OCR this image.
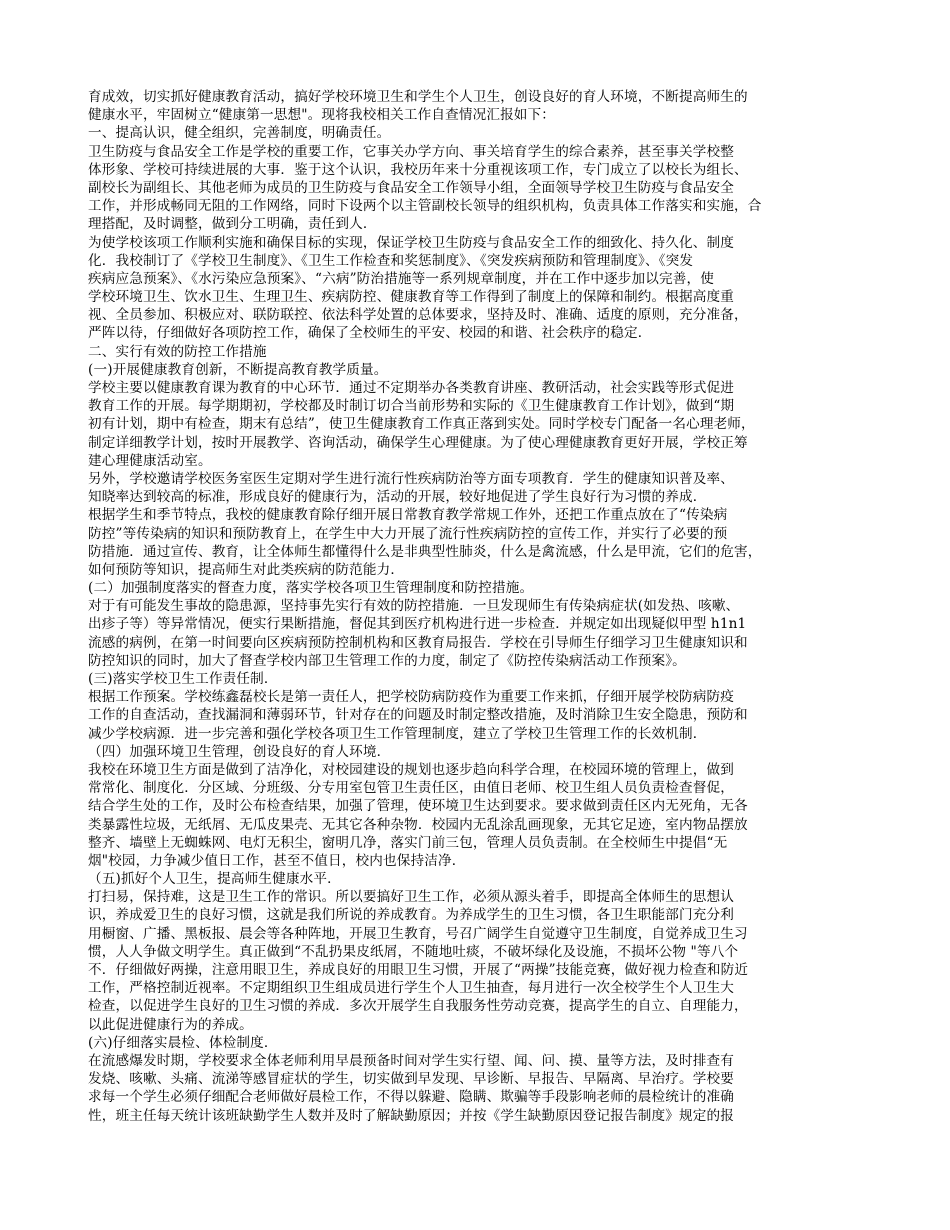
育成效，切实抓好健康教育活动，搞好学校环境卫生和学生个人卫生，创设良好的育人环境，不断提高师生的
健康水平，牢固树立“健康第一思想"。现将我校相关工作自查情况汇报如下：
一、提高认识，健全组织，完善制度，明确责任。
卫生防疫与食品安全工作是学校的重要工作，它事关办学方向、事关培育学生的综合素养，甚至事关学校整
体形象、学校可持续进展的大事．鉴于这个认识，我校历年来十分重视该项工作，专门成立了以校长为组长、
副校长为副组长、其他老师为成员的卫生防疫与食品安全工作领导小组，全面领导学校卫生防疫与食品安全
工作，并形成畅同无阻的工作网络，同时下设两个以主管副校长领导的组织机构，负责具体工作落实和实施，合
理搭配，及时调整，做到分工明确，责任到人．
为使学校该项工作顺利实施和确保目标的实现，保证学校卫生防疫与食品安全工作的细致化、持久化、制度
化．我校制订了《学校卫生制度》、《卫生工作检查和奖惩制度》、《突发疾病预防和管理制度》、《突发
疾病应急预案》、《水污染应急预案》、“六病”防治措施等一系列规章制度，并在工作中逐步加以完善，使
学校环境卫生、饮水卫生、生理卫生、疾病防控、健康教育等工作得到了制度上的保障和制约。根据高度重
视、全员参加、积极应对、联防联控、依法科学处置的总体要求，坚持及时、准确、适度的原则，充分准备，
严阵以待，仔细做好各项防控工作，确保了全校师生的平安、校园的和谐、社会秩序的稳定．
二、实行有效的防控工作措施
(一)开展健康教育创新，不断提高教育教学质量。
学校主要以健康教育课为教育的中心环节．通过不定期举办各类教育讲座、教研活动，社会实践等形式促进
教育工作的开展。每学期期初，学校都及时制订切合当前形势和实际的《卫生健康教育工作计划》，做到“期
初有计划，期中有检查，期末有总结”，使卫生健康教育工作真正落到实处。同时学校专门配备一名心理老师，
制定详细教学计划，按时开展教学、咨询活动，确保学生心理健康。为了使心理健康教育更好开展，学校正筹
建心理健康活动室。
另外，学校邀请学校医务室医生定期对学生进行流行性疾病防治等方面专项教育．学生的健康知识普及率、
知晓率达到较高的标准，形成良好的健康行为，活动的开展，较好地促进了学生良好行为习惯的养成．
根据学生和季节特点，我校的健康教育除仔细开展日常教育教学常规工作外，还把工作重点放在了“传染病
防控”等传染病的知识和预防教育上，在学生中大力开展了流行性疾病防控的宣传工作，并实行了必要的预
防措施．通过宣传、教育，让全体师生都懂得什么是非典型性肺炎，什么是禽流感，什么是甲流，它们的危害，
如何预防等知识，提高师生对此类疾病的防范能力．
(二）加强制度落实的督查力度，落实学校各项卫生管理制度和防控措施。
对于有可能发生事故的隐患源，坚持事先实行有效的防控措施．一旦发现师生有传染病症状(如发热、咳嗽、
出疹子等）等异常情况，便实行果断措施，督促其到医疗机构进行进一步检查．并规定如出现疑似甲型 h1n1
流感的病例，在第一时间要向区疾病预防控制机构和区教育局报告．学校在引导师生仔细学习卫生健康知识和
防控知识的同时，加大了督查学校内部卫生管理工作的力度，制定了《防控传染病活动工作预案》。
(三)落实学校卫生工作责任制．
根据工作预案。学校练鑫磊校长是第一责任人，把学校防病防疫作为重要工作来抓，仔细开展学校防病防疫
工作的自查活动，查找漏洞和薄弱环节，针对存在的问题及时制定整改措施，及时消除卫生安全隐患，预防和
减少学校病源．进一步完善和强化学校各项卫生工作管理制度，建立了学校卫生管理工作的长效机制．
（四）加强环境卫生管理，创设良好的育人环境．
我校在环境卫生方面是做到了洁净化，对校园建设的规划也逐步趋向科学合理，在校园环境的管理上，做到
常常化、制度化．分区域、分班级、分专用室包管卫生责任区，由值日老师、校卫生组人员负责检查督促，
结合学生处的工作，及时公布检查结果，加强了管理，使环境卫生达到要求。要求做到责任区内无死角，无各
类暴露性垃圾，无纸屑、无瓜皮果壳、无其它各种杂物．校园内无乱涂乱画现象，无其它足迹，室内物品摆放
整齐、墙壁上无蜘蛛网、电灯无积尘，窗明几净，落实门前三包，管理人员负责制。在全校师生中提倡“无
烟"校园，力争减少值日工作，甚至不值日，校内也保持洁净．
（五)抓好个人卫生，提高师生健康水平．
打扫易，保持难，这是卫生工作的常识。所以要搞好卫生工作，必须从源头着手，即提高全体师生的思想认
识，养成爱卫生的良好习惯，这就是我们所说的养成教育。为养成学生的卫生习惯，各卫生职能部门充分利
用橱窗、广播、黑板报、晨会等各种阵地，开展卫生教育，号召广阔学生自觉遵守卫生制度，自觉养成卫生习
惯，人人争做文明学生。真正做到“不乱扔果皮纸屑，不随地吐痰，不破坏绿化及设施，不损坏公物 "等八个
不．仔细做好两操，注意用眼卫生，养成良好的用眼卫生习惯，开展了“两操”技能竞赛，做好视力检查和防近
工作，严格控制近视率。不定期组织卫生组成员进行学生个人卫生抽查，每月进行一次全校学生个人卫生大
检查，以促进学生良好的卫生习惯的养成．多次开展学生自我服务性劳动竞赛，提高学生的自立、自理能力，
以此促进健康行为的养成。
(六)仔细落实晨检、体检制度．
在流感爆发时期，学校要求全体老师利用早晨预备时间对学生实行望、闻、问、摸、量等方法，及时排查有
发烧、咳嗽、头痛、流涕等感冒症状的学生，切实做到早发现、早诊断、早报告、早隔离、早治疗。学校要
求每一个学生必须仔细配合老师做好晨检工作，不得以躲避、隐瞒、欺骗等手段影响老师的晨检统计的准确
性，班主任每天统计该班缺勤学生人数并及时了解缺勤原因；并按《学生缺勤原因登记报告制度》规定的报
